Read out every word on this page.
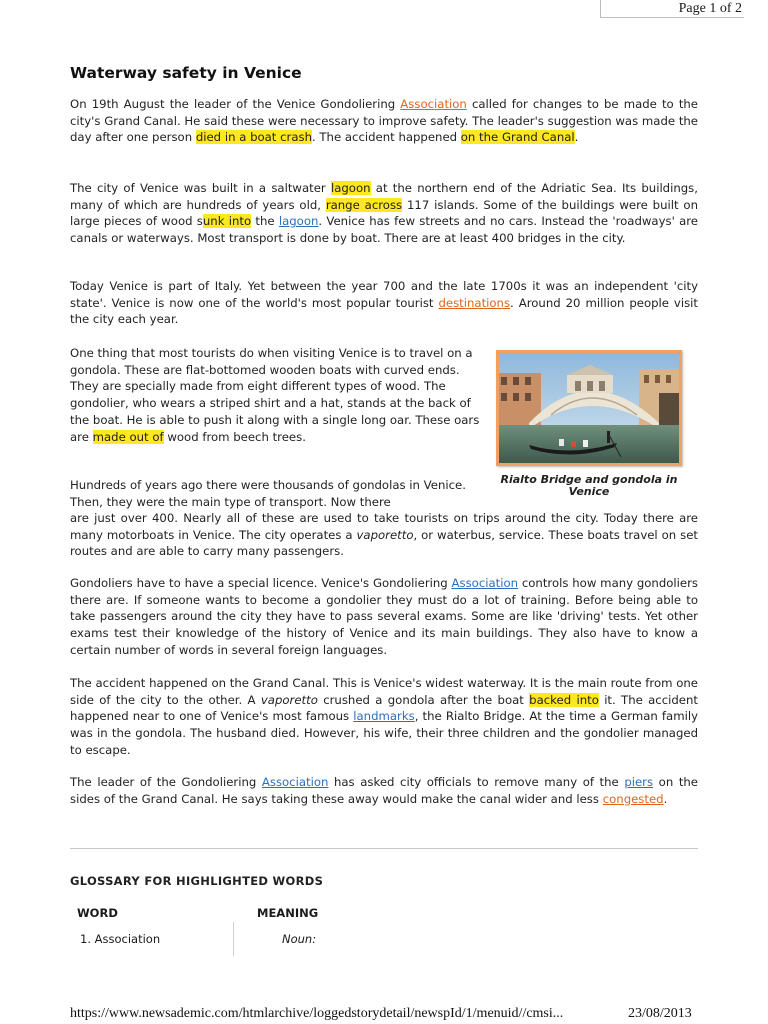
Page 1 of 2
Waterway safety in Venice

On 19th August the leader of the Venice Gondoliering Association called for changes to be made to the city's Grand Canal. He said these were necessary to improve safety. The leader's suggestion was made the day after one person died in a boat crash. The accident happened on the Grand Canal.

The city of Venice was built in a saltwater lagoon at the northern end of the Adriatic Sea. Its buildings, many of which are hundreds of years old, range across 117 islands. Some of the buildings were built on large pieces of wood sunk into the lagoon. Venice has few streets and no cars. Instead the 'roadways' are canals or waterways. Most transport is done by boat. There are at least 400 bridges in the city.

Today Venice is part of Italy. Yet between the year 700 and the late 1700s it was an independent 'city state'. Venice is now one of the world's most popular tourist destinations. Around 20 million people visit the city each year.

One thing that most tourists do when visiting Venice is to travel on a gondola. These are flat-bottomed wooden boats with curved ends. They are specially made from eight different types of wood. The gondolier, who wears a striped shirt and a hat, stands at the back of the boat. He is able to push it along with a single long oar. These oars are made out of wood from beech trees.

Hundreds of years ago there were thousands of gondolas in Venice. Then, they were the main type of transport. Now there

are just over 400. Nearly all of these are used to take tourists on trips around the city. Today there are many motorboats in Venice. The city operates a vaporetto, or waterbus, service. These boats travel on set routes and are able to carry many passengers.

Gondoliers have to have a special licence. Venice's Gondoliering Association controls how many gondoliers there are. If someone wants to become a gondolier they must do a lot of training. Before being able to take passengers around the city they have to pass several exams. Some are like 'driving' tests. Yet other exams test their knowledge of the history of Venice and its main buildings. They also have to know a certain number of words in several foreign languages.

The accident happened on the Grand Canal. This is Venice's widest waterway. It is the main route from one side of the city to the other. A vaporetto crushed a gondola after the boat backed into it. The accident happened near to one of Venice's most famous landmarks, the Rialto Bridge. At the time a German family was in the gondola. The husband died. However, his wife, their three children and the gondolier managed to escape.

The leader of the Gondoliering Association has asked city officials to remove many of the piers on the sides of the Grand Canal. He says taking these away would make the canal wider and less congested.

Rialto Bridge and gondola in Venice
GLOSSARY FOR HIGHLIGHTED WORDS
WORD	MEANING
1. Association	Noun:
https://www.newsademic.com/htmlarchive/loggedstorydetail/newspId/1/menuid//cmsi...	23/08/2013
